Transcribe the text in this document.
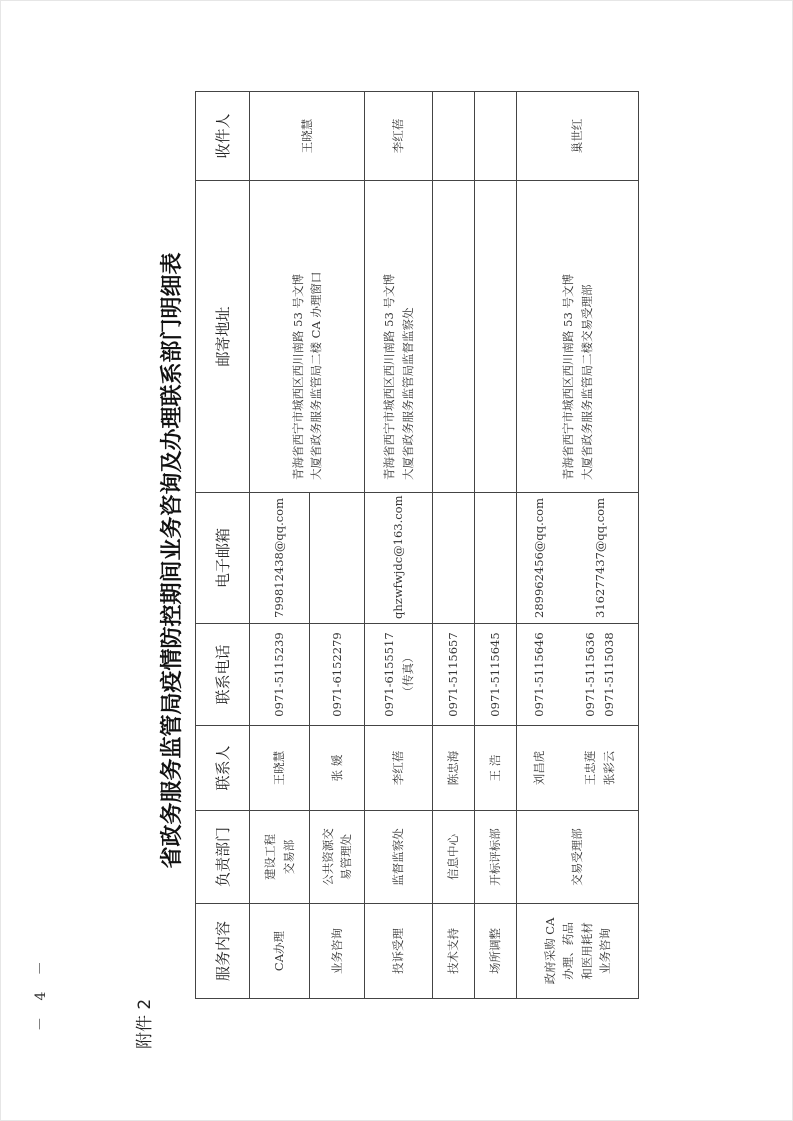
附件 2
－ 4 －
省政务服务监管局疫情防控期间业务咨询及办理联系部门明细表
服务内容	负责部门	联系人	联系电话	电子邮箱	邮寄地址	收件人
CA办理	建设工程 交易部	王晓慧	0971-5115239	799812438@qq.com	青海省西宁市城西区西川南路 53 号文博 大厦省政务服务监管局二楼 CA 办理窗口	王晓慧
业务咨询	公共资源交 易管理处	张 媛	0971-6152279			
投诉受理	监督监察处	李红蓓	0971-6155517 （传真）	qhzwfwjdc@163.com	青海省西宁市城西区西川南路 53 号文博 大厦省政务服务监管局监督监察处	李红蓓
技术支持	信息中心	陈忠海	0971-5115657			
场所调整	开标评标部	王 浩	0971-5115645			

政府采购 CA 办理、药品 和医用耗材 业务咨询	交易受理部	刘昌虎	0971-5115646	289962456@qq.com	青海省西宁市城西区西川南路 53 号文博 大厦省政务服务监管局二楼交易受理部	巢世红

		王忠莲 张彩云	0971-5115636 0971-5115038	316277437@qq.com		
